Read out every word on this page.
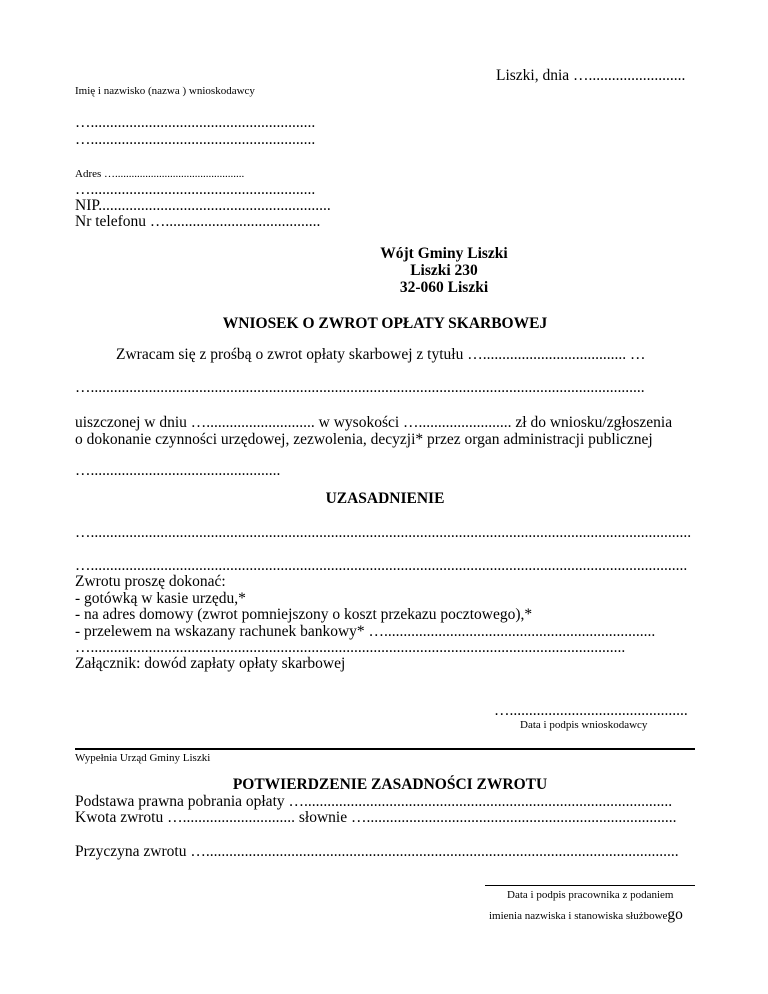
Liszki, dnia ….........................
Imię i nazwisko (nazwa ) wnioskodawcy
…..........................................................
…..........................................................
Adres …...............................................
…..........................................................
NIP............................................................
Nr telefonu …........................................
Wójt Gminy Liszki
Liszki 230
32-060 Liszki
WNIOSEK O ZWROT OPŁATY SKARBOWEJ
Zwracam się z prośbą o zwrot opłaty skarbowej z tytułu …..................................... …
…...............................................................................................................................................
uiszczonej w dniu …............................ w wysokości …........................ zł do wniosku/zgłoszenia
o dokonanie czynności urzędowej, zezwolenia, decyzji* przez organ administracji publicznej
….................................................
UZASADNIENIE
…...........................................................................................................................................................
…..........................................................................................................................................................
Zwrotu proszę dokonać:
- gotówką w kasie urzędu,*
- na adres domowy (zwrot pomniejszony o koszt przekazu pocztowego),*
- przelewem na wskazany rachunek bankowy* …......................................................................
…..........................................................................................................................................
Załącznik: dowód zapłaty opłaty skarbowej
…..............................................
Data i podpis wnioskodawcy
Wypełnia Urząd Gminy Liszki
POTWIERDZENIE ZASADNOŚCI ZWROTU
Podstawa prawna pobrania opłaty …...............................................................................................
Kwota zwrotu …............................. słownie …................................................................................
Przyczyna zwrotu …..........................................................................................................................
Data i podpis pracownika z podaniem
imienia nazwiska i stanowiska służbowego
